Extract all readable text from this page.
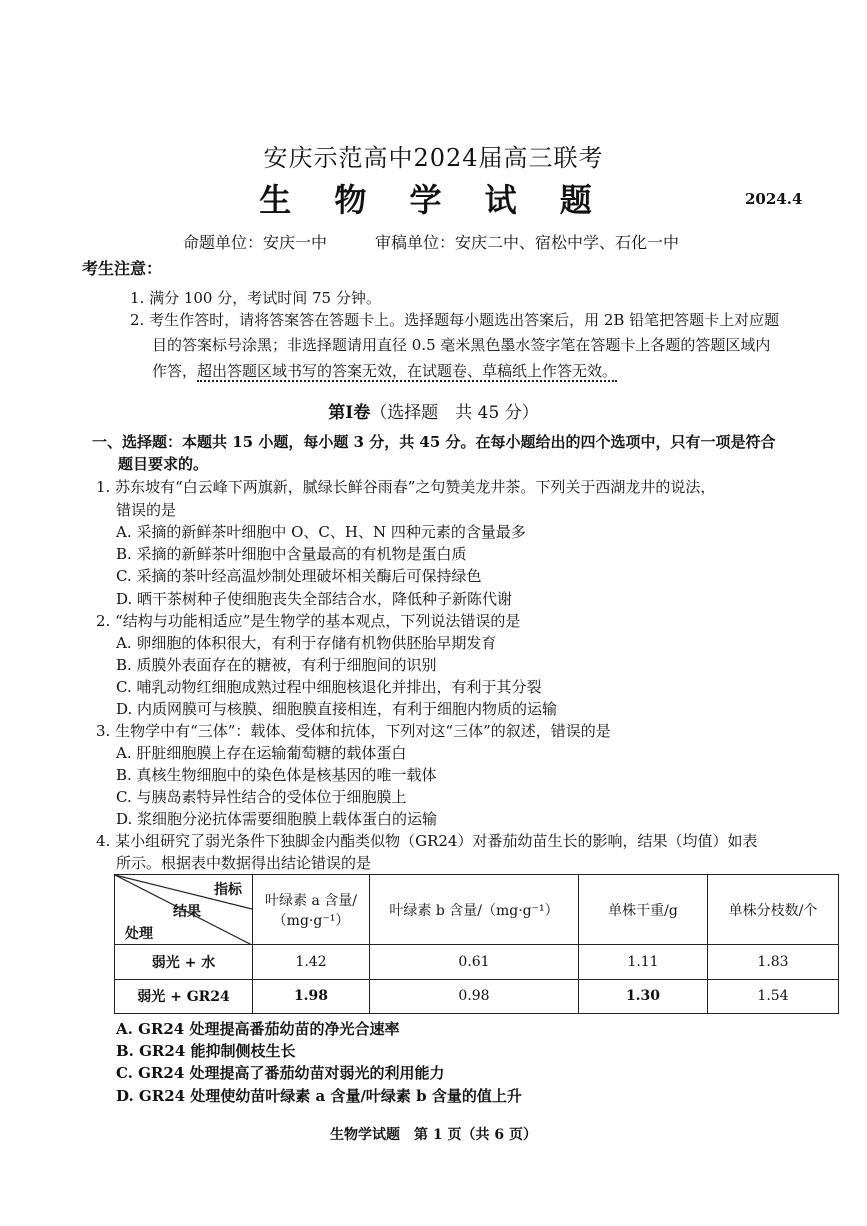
安庆示范高中2024届高三联考
生 物 学 试 题	2024.4
命题单位：安庆一中　　　审稿单位：安庆二中、宿松中学、石化一中
考生注意：
1. 满分 100 分，考试时间 75 分钟。
2. 考生作答时，请将答案答在答题卡上。选择题每小题选出答案后，用 2B 铅笔把答题卡上对应题
目的答案标号涂黑；非选择题请用直径 0.5 毫米黑色墨水签字笔在答题卡上各题的答题区域内
作答，超出答题区域书写的答案无效，在试题卷、草稿纸上作答无效。
第Ⅰ卷（选择题　共 45 分）
一、选择题：本题共 15 小题，每小题 3 分，共 45 分。在每小题给出的四个选项中，只有一项是符合
题目要求的。
1. 苏东坡有“白云峰下两旗新，腻绿长鲜谷雨春”之句赞美龙井茶。下列关于西湖龙井的说法，
错误的是
A. 采摘的新鲜茶叶细胞中 O、C、H、N 四种元素的含量最多
B. 采摘的新鲜茶叶细胞中含量最高的有机物是蛋白质
C. 采摘的茶叶经高温炒制处理破坏相关酶后可保持绿色
D. 晒干茶树种子使细胞丧失全部结合水，降低种子新陈代谢
2. “结构与功能相适应”是生物学的基本观点，下列说法错误的是
A. 卵细胞的体积很大，有利于存储有机物供胚胎早期发育
B. 质膜外表面存在的糖被，有利于细胞间的识别
C. 哺乳动物红细胞成熟过程中细胞核退化并排出，有利于其分裂
D. 内质网膜可与核膜、细胞膜直接相连，有利于细胞内物质的运输
3. 生物学中有“三体”：载体、受体和抗体，下列对这“三体”的叙述，错误的是
A. 肝脏细胞膜上存在运输葡萄糖的载体蛋白
B. 真核生物细胞中的染色体是核基因的唯一载体
C. 与胰岛素特异性结合的受体位于细胞膜上
D. 浆细胞分泌抗体需要细胞膜上载体蛋白的运输
4. 某小组研究了弱光条件下独脚金内酯类似物（GR24）对番茄幼苗生长的影响，结果（均值）如表
所示。根据表中数据得出结论错误的是
指标
结果
处理	叶绿素 a 含量/（mg·g⁻¹）	叶绿素 b 含量/（mg·g⁻¹）	单株干重/g	单株分枝数/个
弱光 + 水	1.42	0.61	1.11	1.83
弱光 + GR24	1.98	0.98	1.30	1.54
A. GR24 处理提高番茄幼苗的净光合速率
B. GR24 能抑制侧枝生长
C. GR24 处理提高了番茄幼苗对弱光的利用能力
D. GR24 处理使幼苗叶绿素 a 含量/叶绿素 b 含量的值上升
生物学试题　第 1 页（共 6 页）
